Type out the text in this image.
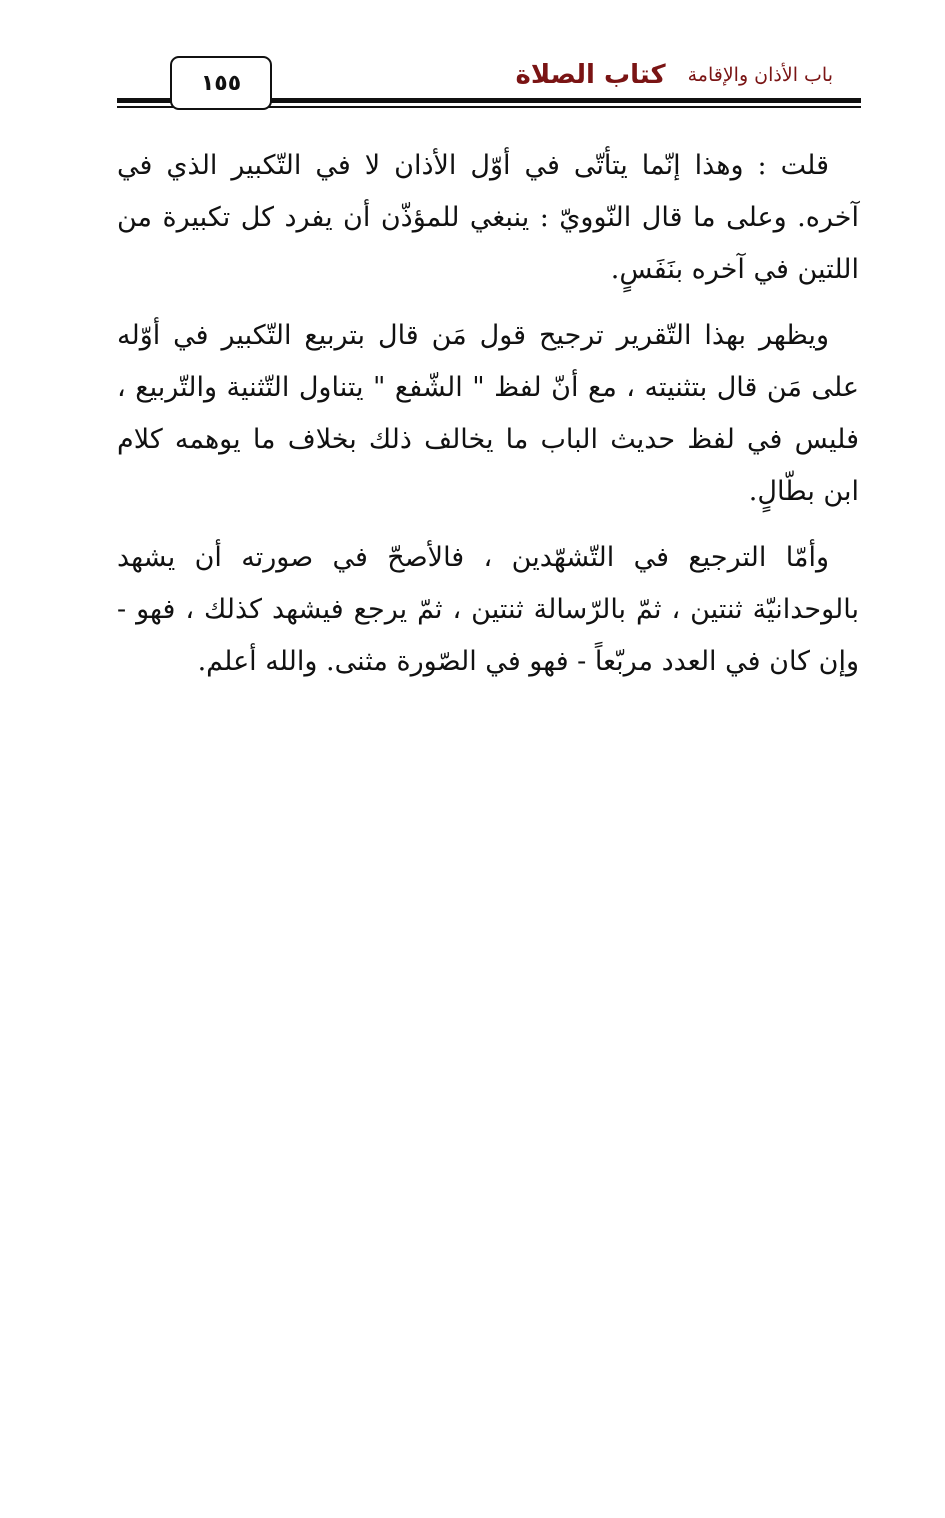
١٥٥	كتاب الصلاة باب الأذان والإقامة

قلت : وهذا إنّما يتأتّى في أوّل الأذان لا في التّكبير الذي في آخره. وعلى ما قال النّوويّ : ينبغي للمؤذّن أن يفرد كل تكبيرة من اللتين في آخره بنَفَسٍ.

ويظهر بهذا التّقرير ترجيح قول مَن قال بتربيع التّكبير في أوّله على مَن قال بتثنيته ، مع أنّ لفظ " الشّفع " يتناول التّثنية والتّربيع ، فليس في لفظ حديث الباب ما يخالف ذلك بخلاف ما يوهمه كلام ابن بطّالٍ.

وأمّا الترجيع في التّشهّدين ، فالأصحّ في صورته أن يشهد بالوحدانيّة ثنتين ، ثمّ بالرّسالة ثنتين ، ثمّ يرجع فيشهد كذلك ، فهو - وإن كان في العدد مربّعاً - فهو في الصّورة مثنى. والله أعلم.
